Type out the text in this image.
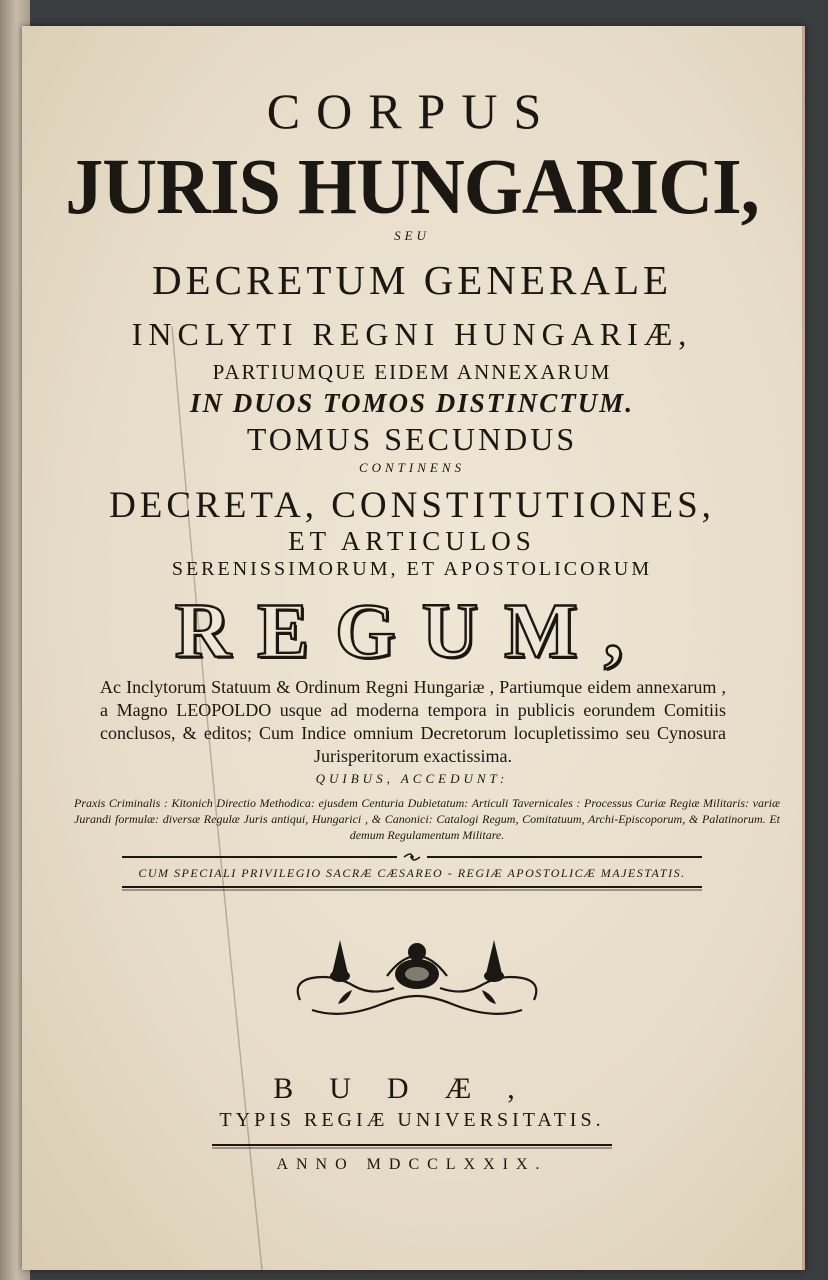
CORPUS

JURIS HUNGARICI,

SEU

DECRETUM GENERALE

INCLYTI REGNI HUNGARIÆ,

PARTIUMQUE EIDEM ANNEXARUM

IN DUOS TOMOS DISTINCTUM.

TOMUS SECUNDUS

CONTINENS

DECRETA, CONSTITUTIONES,

ET ARTICULOS

SERENISSIMORUM, ET APOSTOLICORUM

REGUM,

Ac Inclytorum Statuum & Ordinum Regni Hungariæ , Partiumque eidem annexarum , a Magno LEOPOLDO usque ad moderna tempora in publicis eorundem Comitiis conclusos, & editos; Cum Indice omnium Decretorum locupletissimo seu Cynosura Jurisperitorum exactissima.

QUIBUS, ACCEDUNT:

Praxis Criminalis : Kitonich Directio Methodica: ejusdem Centuria Dubietatum: Articuli Tavernicales : Processus Curiæ Regiæ Militaris: variæ Jurandi formulæ: diversæ Regulæ Juris antiqui, Hungarici , & Canonici: Catalogi Regum, Comitatuum, Archi-Episcoporum, & Palatinorum. Et demum Regulamentum Militare.

CUM SPECIALI PRIVILEGIO SACRÆ CÆSAREO - REGIÆ APOSTOLICÆ MAJESTATIS.

BUDÆ,

TYPIS REGIÆ UNIVERSITATIS.

ANNO MDCCLXXIX.
